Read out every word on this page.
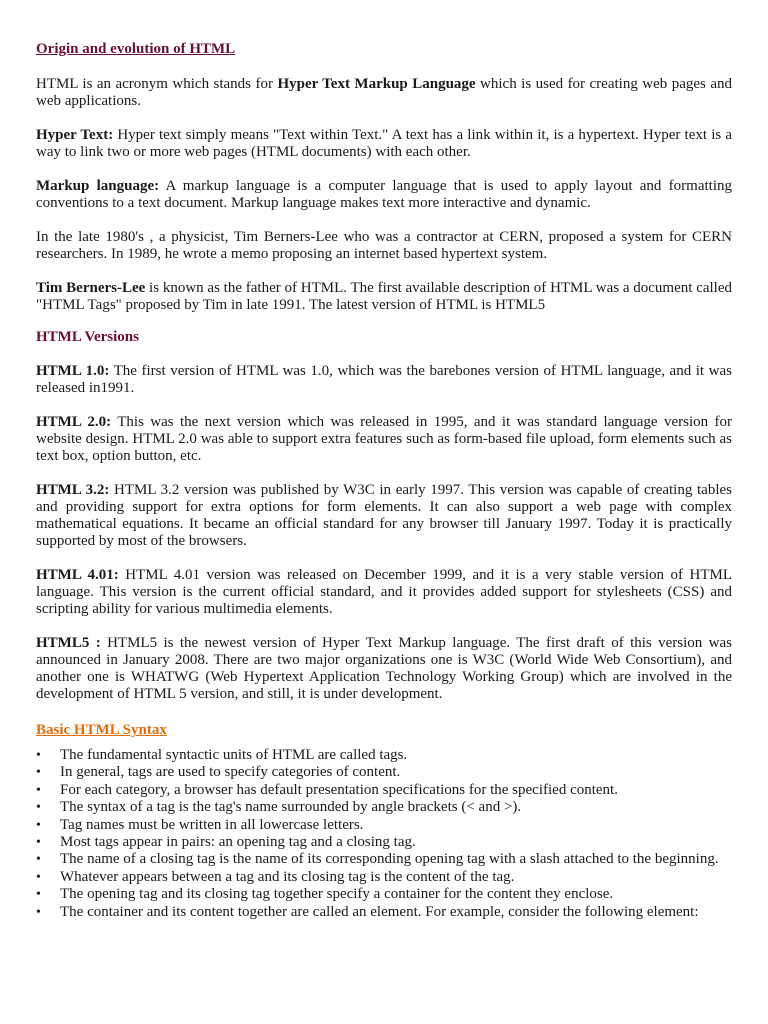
Origin and evolution of HTML

HTML is an acronym which stands for Hyper Text Markup Language which is used for creating web pages and web applications.

Hyper Text: Hyper text simply means "Text within Text." A text has a link within it, is a hypertext. Hyper text is a way to link two or more web pages (HTML documents) with each other.

Markup language: A markup language is a computer language that is used to apply layout and formatting conventions to a text document. Markup language makes text more interactive and dynamic.

In the late 1980's , a physicist, Tim Berners-Lee who was a contractor at CERN, proposed a system for CERN researchers. In 1989, he wrote a memo proposing an internet based hypertext system.

Tim Berners-Lee is known as the father of HTML. The first available description of HTML was a document called "HTML Tags" proposed by Tim in late 1991. The latest version of HTML is HTML5

HTML Versions

HTML 1.0: The first version of HTML was 1.0, which was the barebones version of HTML language, and it was released in1991.

HTML 2.0: This was the next version which was released in 1995, and it was standard language version for website design. HTML 2.0 was able to support extra features such as form-based file upload, form elements such as text box, option button, etc.

HTML 3.2: HTML 3.2 version was published by W3C in early 1997. This version was capable of creating tables and providing support for extra options for form elements. It can also support a web page with complex mathematical equations. It became an official standard for any browser till January 1997. Today it is practically supported by most of the browsers.

HTML 4.01: HTML 4.01 version was released on December 1999, and it is a very stable version of HTML language. This version is the current official standard, and it provides added support for stylesheets (CSS) and scripting ability for various multimedia elements.

HTML5 : HTML5 is the newest version of Hyper Text Markup language. The first draft of this version was announced in January 2008. There are two major organizations one is W3C (World Wide Web Consortium), and another one is WHATWG (Web Hypertext Application Technology Working Group) which are involved in the development of HTML 5 version, and still, it is under development.

Basic HTML Syntax
• The fundamental syntactic units of HTML are called tags.
• In general, tags are used to specify categories of content.
• For each category, a browser has default presentation specifications for the specified content.
• The syntax of a tag is the tag's name surrounded by angle brackets (< and >).
• Tag names must be written in all lowercase letters.
• Most tags appear in pairs: an opening tag and a closing tag.
• The name of a closing tag is the name of its corresponding opening tag with a slash attached to the beginning.
• Whatever appears between a tag and its closing tag is the content of the tag.
• The opening tag and its closing tag together specify a container for the content they enclose.
• The container and its content together are called an element. For example, consider the following element:
